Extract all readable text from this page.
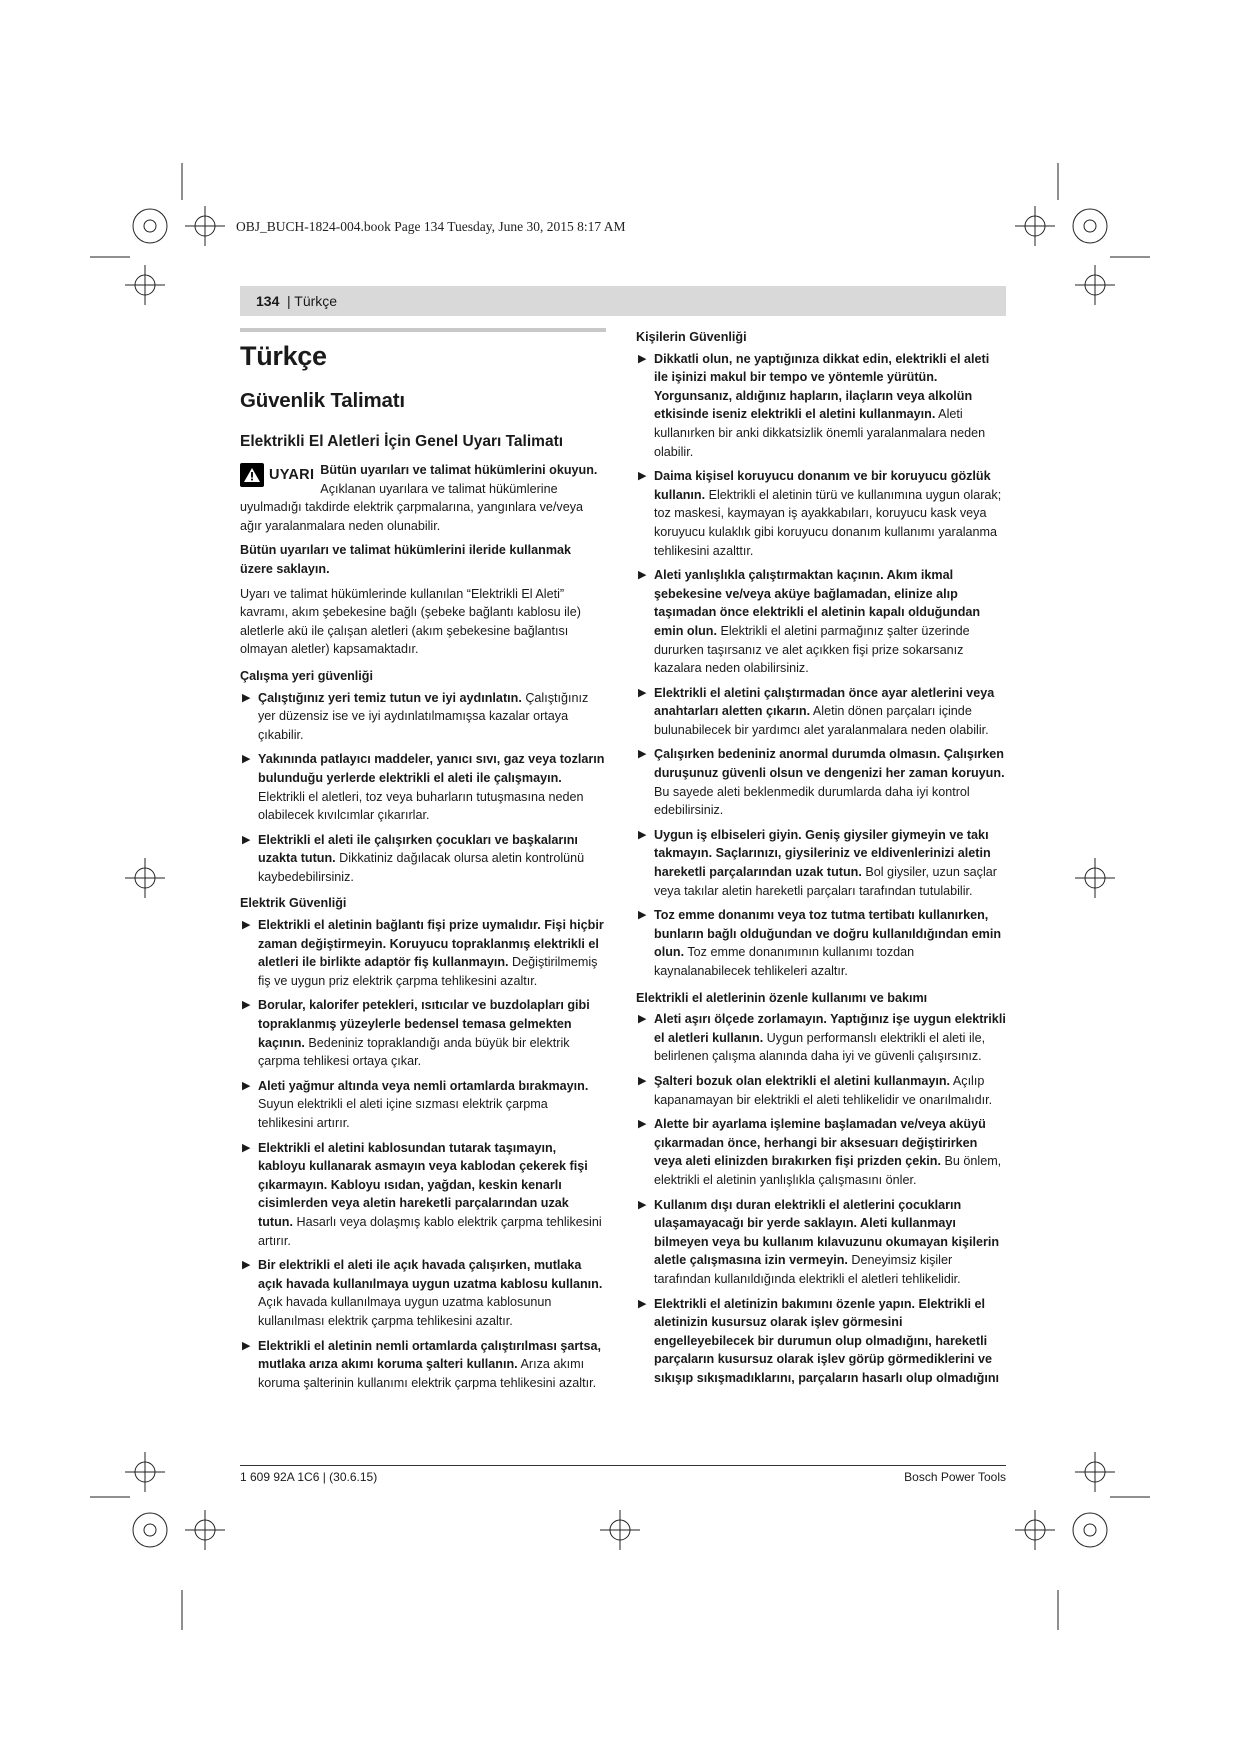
OBJ_BUCH-1824-004.book Page 134 Tuesday, June 30, 2015 8:17 AM
134 | Türkçe
Türkçe
Güvenlik Talimatı
Elektrikli El Aletleri İçin Genel Uyarı Talimatı
UYARI Bütün uyarıları ve talimat hükümlerini okuyun. Açıklanan uyarılara ve talimat hükümlerine uyulmadığı takdirde elektrik çarpmalarına, yangınlara ve/veya ağır yaralanmalara neden olunabilir.

Bütün uyarıları ve talimat hükümlerini ileride kullanmak üzere saklayın.

Uyarı ve talimat hükümlerinde kullanılan “Elektrikli El Aleti” kavramı, akım şebekesine bağlı (şebeke bağlantı kablosu ile) aletlerle akü ile çalışan aletleri (akım şebekesine bağlantısı olmayan aletler) kapsamaktadır.

Çalışma yeri güvenliği
▶ Çalıştığınız yeri temiz tutun ve iyi aydınlatın. Çalıştığınız yer düzensiz ise ve iyi aydınlatılmamışsa kazalar ortaya çıkabilir.
▶ Yakınında patlayıcı maddeler, yanıcı sıvı, gaz veya tozların bulunduğu yerlerde elektrikli el aleti ile çalışmayın. Elektrikli el aletleri, toz veya buharların tutuşmasına neden olabilecek kıvılcımlar çıkarırlar.
▶ Elektrikli el aleti ile çalışırken çocukları ve başkalarını uzakta tutun. Dikkatiniz dağılacak olursa aletin kontrolünü kaybedebilirsiniz.
Elektrik Güvenliği
▶ Elektrikli el aletinin bağlantı fişi prize uymalıdır. Fişi hiçbir zaman değiştirmeyin. Koruyucu topraklanmış elektrikli el aletleri ile birlikte adaptör fiş kullanmayın. Değiştirilmemiş fiş ve uygun priz elektrik çarpma tehlikesini azaltır.
▶ Borular, kalorifer petekleri, ısıtıcılar ve buzdolapları gibi topraklanmış yüzeylerle bedensel temasa gelmekten kaçının. Bedeniniz topraklandığı anda büyük bir elektrik çarpma tehlikesi ortaya çıkar.
▶ Aleti yağmur altında veya nemli ortamlarda bırakmayın. Suyun elektrikli el aleti içine sızması elektrik çarpma tehlikesini artırır.
▶ Elektrikli el aletini kablosundan tutarak taşımayın, kabloyu kullanarak asmayın veya kablodan çekerek fişi çıkarmayın. Kabloyu ısıdan, yağdan, keskin kenarlı cisimlerden veya aletin hareketli parçalarından uzak tutun. Hasarlı veya dolaşmış kablo elektrik çarpma tehlikesini artırır.
▶ Bir elektrikli el aleti ile açık havada çalışırken, mutlaka açık havada kullanılmaya uygun uzatma kablosu kullanın. Açık havada kullanılmaya uygun uzatma kablosunun kullanılması elektrik çarpma tehlikesini azaltır.
▶ Elektrikli el aletinin nemli ortamlarda çalıştırılması şartsa, mutlaka arıza akımı koruma şalteri kullanın. Arıza akımı koruma şalterinin kullanımı elektrik çarpma tehlikesini azaltır.
Kişilerin Güvenliği
▶ Dikkatli olun, ne yaptığınıza dikkat edin, elektrikli el aleti ile işinizi makul bir tempo ve yöntemle yürütün. Yorgunsanız, aldığınız hapların, ilaçların veya alkolün etkisinde iseniz elektrikli el aletini kullanmayın. Aleti kullanırken bir anki dikkatsizlik önemli yaralanmalara neden olabilir.
▶ Daima kişisel koruyucu donanım ve bir koruyucu gözlük kullanın. Elektrikli el aletinin türü ve kullanımına uygun olarak; toz maskesi, kaymayan iş ayakkabıları, koruyucu kask veya koruyucu kulaklık gibi koruyucu donanım kullanımı yaralanma tehlikesini azalttır.
▶ Aleti yanlışlıkla çalıştırmaktan kaçının. Akım ikmal şebekesine ve/veya aküye bağlamadan, elinize alıp taşımadan önce elektrikli el aletinin kapalı olduğundan emin olun. Elektrikli el aletini parmağınız şalter üzerinde dururken taşırsanız ve alet açıkken fişi prize sokarsanız kazalara neden olabilirsiniz.
▶ Elektrikli el aletini çalıştırmadan önce ayar aletlerini veya anahtarları aletten çıkarın. Aletin dönen parçaları içinde bulunabilecek bir yardımcı alet yaralanmalara neden olabilir.
▶ Çalışırken bedeniniz anormal durumda olmasın. Çalışırken duruşunuz güvenli olsun ve dengenizi her zaman koruyun. Bu sayede aleti beklenmedik durumlarda daha iyi kontrol edebilirsiniz.
▶ Uygun iş elbiseleri giyin. Geniş giysiler giymeyin ve takı takmayın. Saçlarınızı, giysileriniz ve eldivenlerinizi aletin hareketli parçalarından uzak tutun. Bol giysiler, uzun saçlar veya takılar aletin hareketli parçaları tarafından tutulabilir.
▶ Toz emme donanımı veya toz tutma tertibatı kullanırken, bunların bağlı olduğundan ve doğru kullanıldığından emin olun. Toz emme donanımının kullanımı tozdan kaynalanabilecek tehlikeleri azaltır.
Elektrikli el aletlerinin özenle kullanımı ve bakımı
▶ Aleti aşırı ölçede zorlamayın. Yaptığınız işe uygun elektrikli el aletleri kullanın. Uygun performanslı elektrikli el aleti ile, belirlenen çalışma alanında daha iyi ve güvenli çalışırsınız.
▶ Şalteri bozuk olan elektrikli el aletini kullanmayın. Açılıp kapanamayan bir elektrikli el aleti tehlikelidir ve onarılmalıdır.
▶ Alette bir ayarlama işlemine başlamadan ve/veya aküyü çıkarmadan önce, herhangi bir aksesuarı değiştirirken veya aleti elinizden bırakırken fişi prizden çekin. Bu önlem, elektrikli el aletinin yanlışlıkla çalışmasını önler.
▶ Kullanım dışı duran elektrikli el aletlerini çocukların ulaşamayacağı bir yerde saklayın. Aleti kullanmayı bilmeyen veya bu kullanım kılavuzunu okumayan kişilerin aletle çalışmasına izin vermeyin. Deneyimsiz kişiler tarafından kullanıldığında elektrikli el aletleri tehlikelidir.
▶ Elektrikli el aletinizin bakımını özenle yapın. Elektrikli el aletinizin kusursuz olarak işlev görmesini engelleyebilecek bir durumun olup olmadığını, hareketli parçaların kusursuz olarak işlev görüp görmediklerini ve sıkışıp sıkışmadıklarını, parçaların hasarlı olup olmadığını
1 609 92A 1C6 | (30.6.15)	Bosch Power Tools
